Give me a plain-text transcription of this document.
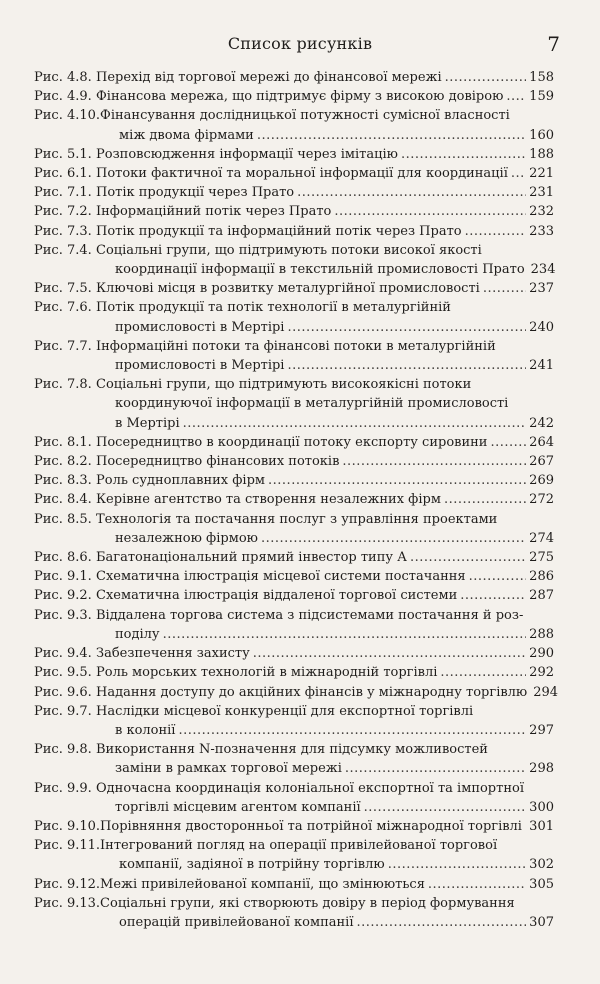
Список рисунків	7
Рис. 4.8. Перехід від торгової мережі до фінансової мережі .....	158
Рис. 4.9. Фінансова мережа, що підтримує фірму з високою довірою ..... 159
Рис. 4.10. Фінансування дослідницької потужності сумісної власності
між двома фірмами .....	160
Рис. 5.1. Розповсюдження інформації через імітацію .....	188
Рис. 6.1. Потоки фактичної та моральної інформації для координації ..... 221
Рис. 7.1. Потік продукції через Прато .....	231
Рис. 7.2. Інформаційний потік через Прато .....	232
Рис. 7.3. Потік продукції та інформаційний потік через Прато .....	233
Рис. 7.4. Соціальні групи, що підтримують потоки високої якості
координації інформації в текстильній промисловості Прато 234
Рис. 7.5. Ключові місця в розвитку металургійної промисловості .....	237
Рис. 7.6. Потік продукції та потік технології в металургійній
промисловості в Мертірі .....	240
Рис. 7.7. Інформаційні потоки та фінансові потоки в металургійній
промисловості в Мертірі .....	241
Рис. 7.8. Соціальні групи, що підтримують високоякісні потоки
координуючої інформації в металургійній промисловості
в Мертірі .....	242
Рис. 8.1. Посередництво в координації потоку експорту сировини .....	264
Рис. 8.2. Посередництво фінансових потоків .....	267
Рис. 8.3. Роль судноплавних фірм .....	269
Рис. 8.4. Керівне агентство та створення незалежних фірм .....	272
Рис. 8.5. Технологія та постачання послуг з управління проектами
незалежною фірмою .....	274
Рис. 8.6. Багатонаціональний прямий інвестор типу А .....	275
Рис. 9.1. Схематична ілюстрація місцевої системи постачання .....	286
Рис. 9.2. Схематична ілюстрація віддаленої торгової системи .....	287
Рис. 9.3. Віддалена торгова система з підсистемами постачання й роз-
поділу .....	288
Рис. 9.4. Забезпечення захисту .....	290
Рис. 9.5. Роль морських технологій в міжнародній торгівлі .....	292
Рис. 9.6. Надання доступу до акційних фінансів у міжнародну торгівлю 294
Рис. 9.7. Наслідки місцевої конкуренції для експортної торгівлі
в колонії .....	297
Рис. 9.8. Використання N-позначення для підсумку можливостей
заміни в рамках торгової мережі .....	298
Рис. 9.9. Одночасна координація колоніальної експортної та імпортної
торгівлі місцевим агентом компанії .....	300
Рис. 9.10. Порівняння двосторонньої та потрійної міжнародної торгівлі ..... 301
Рис. 9.11. Інтегрований погляд на операції привілейованої торгової
компанії, задіяної в потрійну торгівлю .....	302
Рис. 9.12. Межі привілейованої компанії, що змінюються .....	305
Рис. 9.13. Соціальні групи, які створюють довіру в період формування
операцій привілейованої компанії .....	307
